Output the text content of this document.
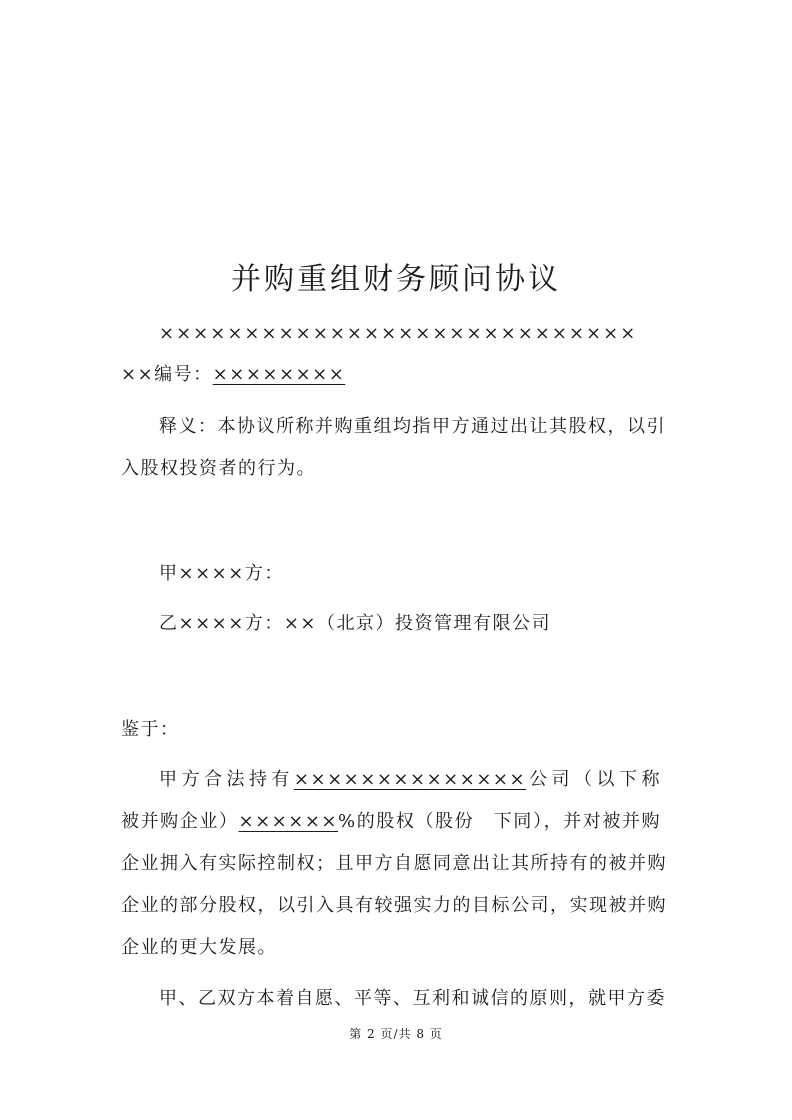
并购重组财务顾问协议

××××××××××××××××××××××××××××

××编号：××××××××

释义：本协议所称并购重组均指甲方通过出让其股权，以引

入股权投资者的行为。

甲××××方：

乙××××方：××（北京）投资管理有限公司

鉴于：

甲方合法持有××××××××××××××公司（以下称

被并购企业）××××××%的股权（股份　下同），并对被并购

企业拥入有实际控制权；且甲方自愿同意出让其所持有的被并购

企业的部分股权，以引入具有较强实力的目标公司，实现被并购

企业的更大发展。

甲、乙双方本着自愿、平等、互利和诚信的原则，就甲方委

第 2 页/共 8 页
